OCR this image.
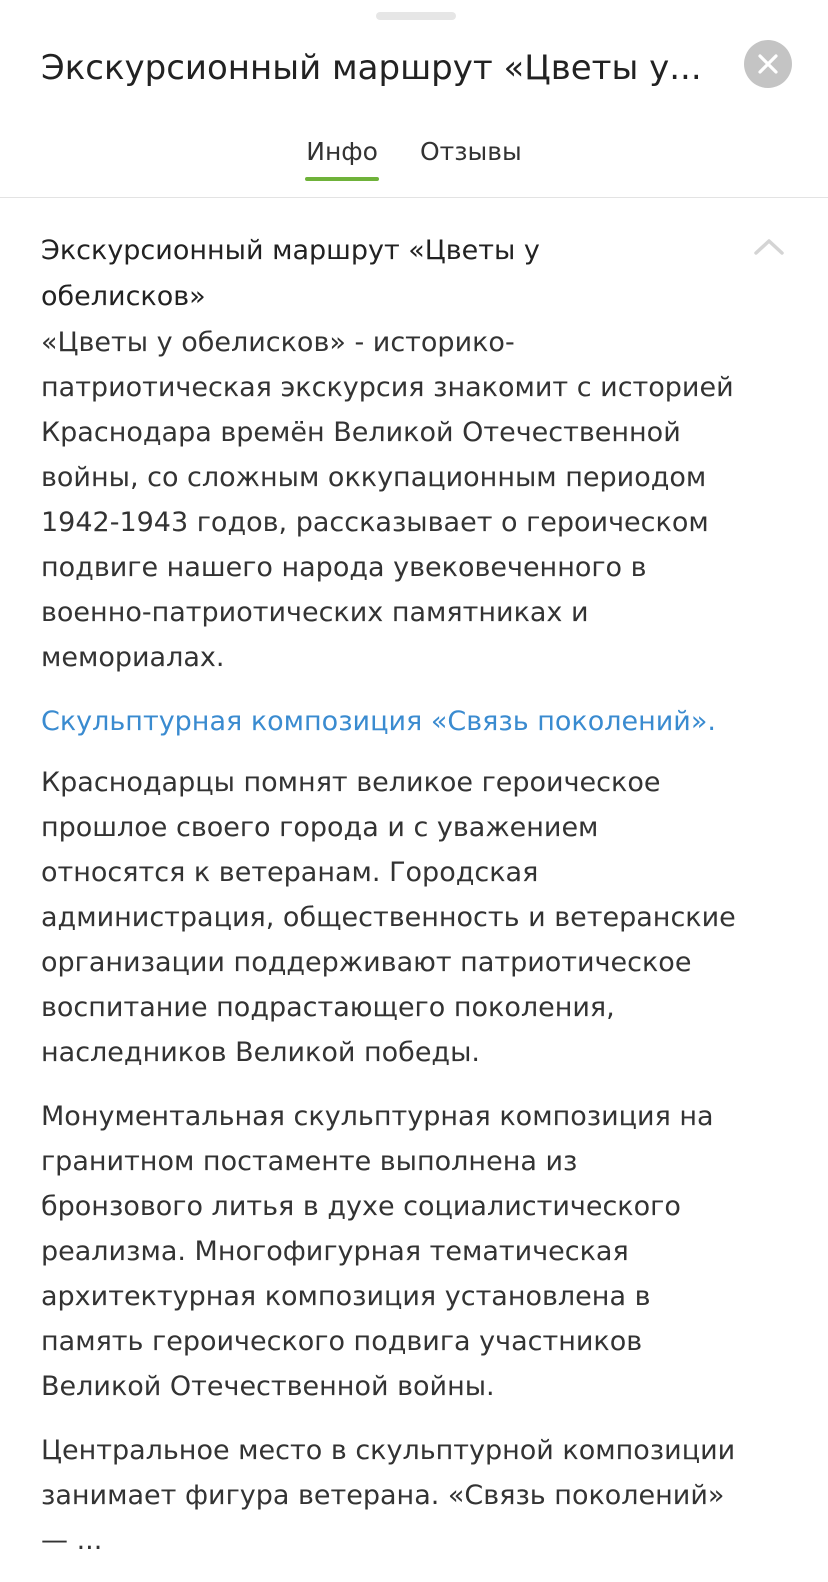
Экскурсионный маршрут «Цветы у...
Инфо Отзывы
Экскурсионный маршрут «Цветы у обелисков»

«Цветы у обелисков» - историко-патриотическая экскурсия знакомит с историей Краснодара времён Великой Отечественной войны, со сложным оккупационным периодом 1942-1943 годов, рассказывает о героическом подвиге нашего народа увековеченного в военно-патриотических памятниках и мемориалах.

Скульптурная композиция «Связь поколений».

Краснодарцы помнят великое героическое прошлое своего города и с уважением относятся к ветеранам. Городская администрация, общественность и ветеранские организации поддерживают патриотическое воспитание подрастающего поколения, наследников Великой победы.

Монументальная скульптурная композиция на гранитном постаменте выполнена из бронзового литья в духе социалистического реализма. Многофигурная тематическая архитектурная композиция установлена в память героического подвига участников Великой Отечественной войны.

Центральное место в скульптурной композиции занимает фигура ветерана. «Связь поколений» — ...
